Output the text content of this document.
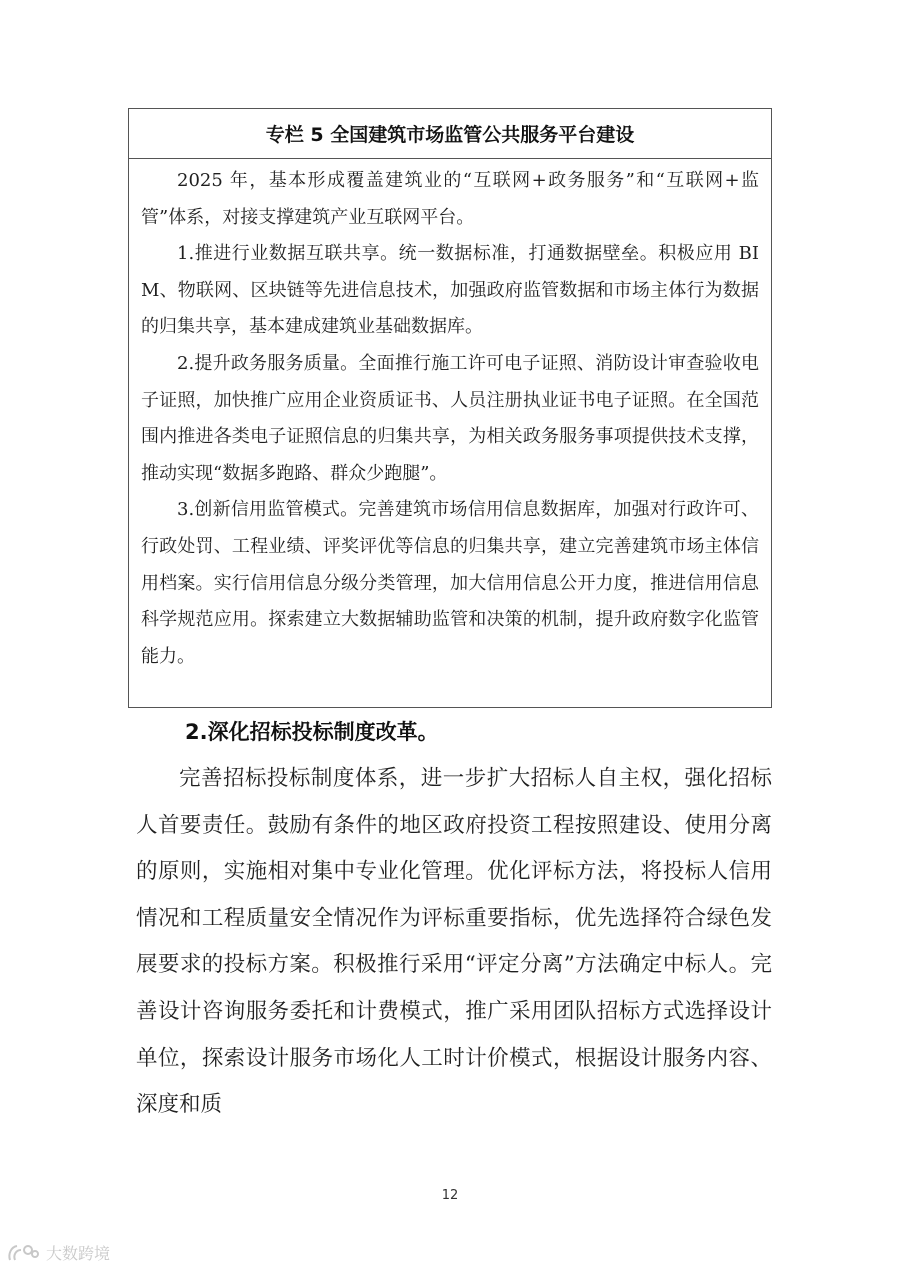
专栏 5 全国建筑市场监管公共服务平台建设

2025 年，基本形成覆盖建筑业的“互联网+政务服务”和“互联网+监管”体系，对接支撑建筑产业互联网平台。

1.推进行业数据互联共享。统一数据标准，打通数据壁垒。积极应用 BIM、物联网、区块链等先进信息技术，加强政府监管数据和市场主体行为数据的归集共享，基本建成建筑业基础数据库。

2.提升政务服务质量。全面推行施工许可电子证照、消防设计审查验收电子证照，加快推广应用企业资质证书、人员注册执业证书电子证照。在全国范围内推进各类电子证照信息的归集共享，为相关政务服务事项提供技术支撑，推动实现“数据多跑路、群众少跑腿”。

3.创新信用监管模式。完善建筑市场信用信息数据库，加强对行政许可、行政处罚、工程业绩、评奖评优等信息的归集共享，建立完善建筑市场主体信用档案。实行信用信息分级分类管理，加大信用信息公开力度，推进信用信息科学规范应用。探索建立大数据辅助监管和决策的机制，提升政府数字化监管能力。

2.深化招标投标制度改革。

完善招标投标制度体系，进一步扩大招标人自主权，强化招标人首要责任。鼓励有条件的地区政府投资工程按照建设、使用分离的原则，实施相对集中专业化管理。优化评标方法，将投标人信用情况和工程质量安全情况作为评标重要指标，优先选择符合绿色发展要求的投标方案。积极推行采用“评定分离”方法确定中标人。完善设计咨询服务委托和计费模式，推广采用团队招标方式选择设计单位，探索设计服务市场化人工时计价模式，根据设计服务内容、深度和质

12
大数跨境
